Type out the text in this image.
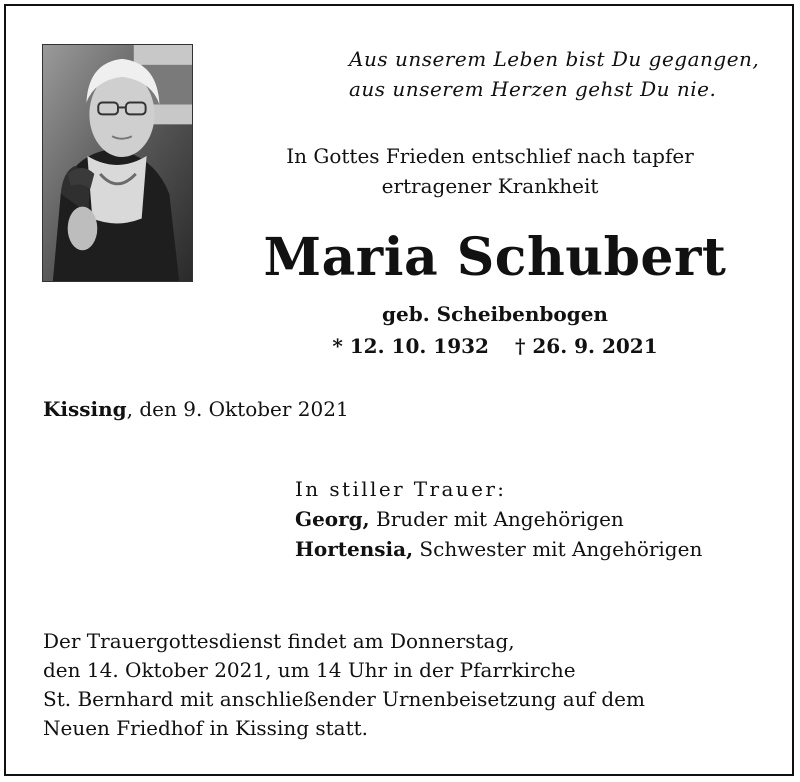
Aus unserem Leben bist Du gegangen,
aus unserem Herzen gehst Du nie.
In Gottes Frieden entschlief nach tapfer
ertragener Krankheit
Maria Schubert
geb. Scheibenbogen
* 12. 10. 1932 † 26. 9. 2021
Kissing, den 9. Oktober 2021
In stiller Trauer:
Georg, Bruder mit Angehörigen
Hortensia, Schwester mit Angehörigen
Der Trauergottesdienst findet am Donnerstag,
den 14. Oktober 2021, um 14 Uhr in der Pfarrkirche
St. Bernhard mit anschließender Urnenbeisetzung auf dem
Neuen Friedhof in Kissing statt.
